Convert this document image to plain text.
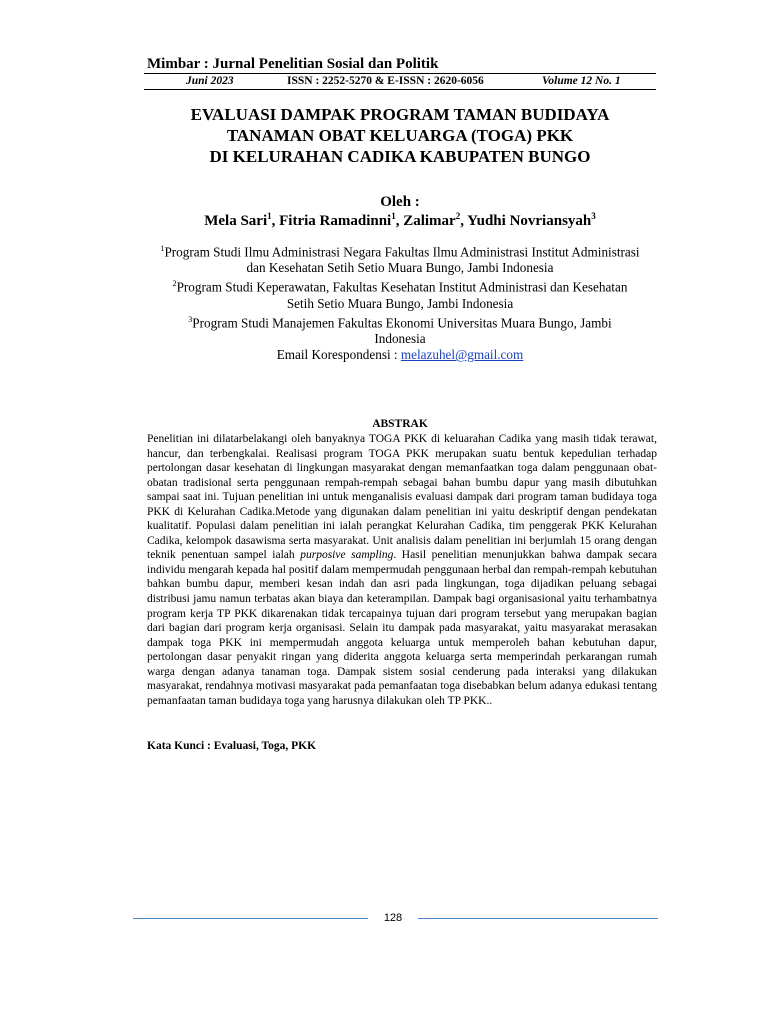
Mimbar : Jurnal Penelitian Sosial dan Politik
Juni 2023	ISSN : 2252-5270 & E-ISSN : 2620-6056	Volume 12 No. 1
EVALUASI DAMPAK PROGRAM TAMAN BUDIDAYA
TANAMAN OBAT KELUARGA (TOGA) PKK
DI KELURAHAN CADIKA KABUPATEN BUNGO
Oleh :
Mela Sari$^1$, Fitria Ramadinni$^1$, Zalimar$^2$, Yudhi Novriansyah$^3$
$^1$Program Studi Ilmu Administrasi Negara Fakultas Ilmu Administrasi Institut Administrasi
dan Kesehatan Setih Setio Muara Bungo, Jambi Indonesia
$^2$Program Studi Keperawatan, Fakultas Kesehatan Institut Administrasi dan Kesehatan
Setih Setio Muara Bungo, Jambi Indonesia
$^3$Program Studi Manajemen Fakultas Ekonomi Universitas Muara Bungo, Jambi
Indonesia
Email Korespondensi : melazuhel@gmail.com
ABSTRAK
Penelitian ini dilatarbelakangi oleh banyaknya TOGA PKK di keluarahan Cadika yang masih tidak terawat, hancur, dan terbengkalai. Realisasi program TOGA PKK merupakan suatu bentuk kepedulian terhadap pertolongan dasar kesehatan di lingkungan masyarakat dengan memanfaatkan toga dalam penggunaan obat-obatan tradisional serta penggunaan rempah-rempah sebagai bahan bumbu dapur yang masih dibutuhkan sampai saat ini. Tujuan penelitian ini untuk menganalisis evaluasi dampak dari program taman budidaya toga PKK di Kelurahan Cadika.Metode yang digunakan dalam penelitian ini yaitu deskriptif dengan pendekatan kualitatif. Populasi dalam penelitian ini ialah perangkat Kelurahan Cadika, tim penggerak PKK Kelurahan Cadika, kelompok dasawisma serta masyarakat. Unit analisis dalam penelitian ini berjumlah 15 orang dengan teknik penentuan sampel ialah purposive sampling. Hasil penelitian menunjukkan bahwa dampak secara individu mengarah kepada hal positif dalam mempermudah penggunaan herbal dan rempah-rempah kebutuhan bahkan bumbu dapur, memberi kesan indah dan asri pada lingkungan, toga dijadikan peluang sebagai distribusi jamu namun terbatas akan biaya dan keterampilan. Dampak bagi organisasional yaitu terhambatnya program kerja TP PKK dikarenakan tidak tercapainya tujuan dari program tersebut yang merupakan bagian dari bagian dari program kerja organisasi. Selain itu dampak pada masyarakat, yaitu masyarakat merasakan dampak toga PKK ini mempermudah anggota keluarga untuk memperoleh bahan kebutuhan dapur, pertolongan dasar penyakit ringan yang diderita anggota keluarga serta memperindah perkarangan rumah warga dengan adanya tanaman toga. Dampak sistem sosial cenderung pada interaksi yang dilakukan masyarakat, rendahnya motivasi masyarakat pada pemanfaatan toga disebabkan belum adanya edukasi tentang pemanfaatan taman budidaya toga yang harusnya dilakukan oleh TP PKK..
Kata Kunci : Evaluasi, Toga, PKK
128
